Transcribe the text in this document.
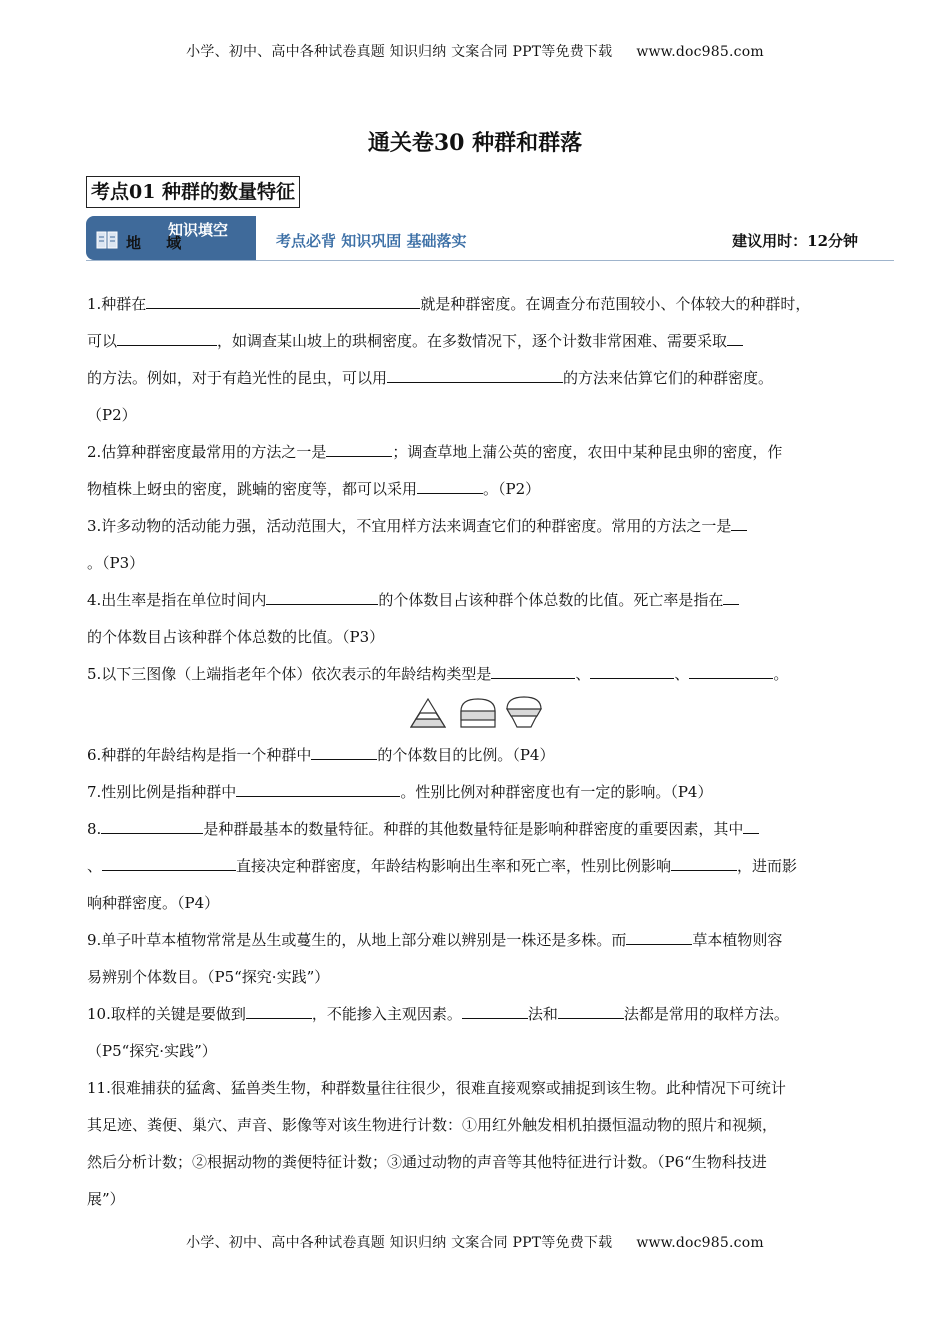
小学、初中、高中各种试卷真题 知识归纳 文案合同 PPT等免费下载 www.doc985.com
通关卷30 种群和群落
考点01 种群的数量特征
知识填空
地 域	考点必背 知识巩固 基础落实	建议用时：12分钟

1.种群在	就是种群密度。在调查分布范围较小、个体较大的种群时，
可以	，如调查某山坡上的珙桐密度。在多数情况下，逐个计数非常困难、需要采取
的方法。例如，对于有趋光性的昆虫，可以用	的方法来估算它们的种群密度。
（P2）

2.估算种群密度最常用的方法之一是	；调查草地上蒲公英的密度，农田中某种昆虫卵的密度，作
物植株上蚜虫的密度，跳蝻的密度等，都可以采用	。（P2）

3.许多动物的活动能力强，活动范围大，不宜用样方法来调查它们的种群密度。常用的方法之一是
。（P3）

4.出生率是指在单位时间内	的个体数目占该种群个体总数的比值。死亡率是指在
的个体数目占该种群个体总数的比值。（P3）

5.以下三图像（上端指老年个体）依次表示的年龄结构类型是	、	、	。

6.种群的年龄结构是指一个种群中	的个体数目的比例。（P4）

7.性别比例是指种群中	。性别比例对种群密度也有一定的影响。（P4）

8.	是种群最基本的数量特征。种群的其他数量特征是影响种群密度的重要因素，其中
、	直接决定种群密度，年龄结构影响出生率和死亡率，性别比例影响	，进而影
响种群密度。（P4）

9.单子叶草本植物常常是丛生或蔓生的，从地上部分难以辨别是一株还是多株。而	草本植物则容
易辨别个体数目。（P5“探究·实践”）

10.取样的关键是要做到	，不能掺入主观因素。	法和	法都是常用的取样方法。
（P5“探究·实践”）

11.很难捕获的猛禽、猛兽类生物，种群数量往往很少，很难直接观察或捕捉到该生物。此种情况下可统计
其足迹、粪便、巢穴、声音、影像等对该生物进行计数：①用红外触发相机拍摄恒温动物的照片和视频，
然后分析计数；②根据动物的粪便特征计数；③通过动物的声音等其他特征进行计数。（P6“生物科技进
展”）

小学、初中、高中各种试卷真题 知识归纳 文案合同 PPT等免费下载 www.doc985.com
